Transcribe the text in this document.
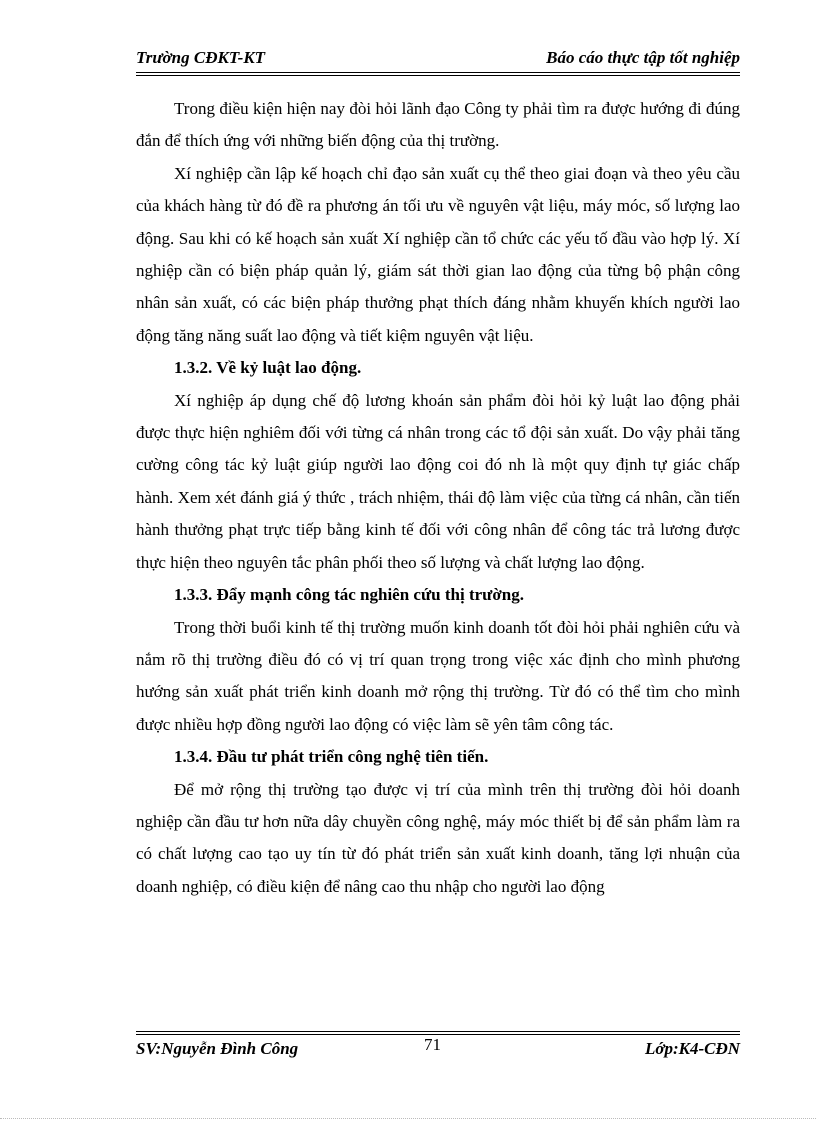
Trường CĐKT-KT	Báo cáo thực tập tốt nghiệp

Trong điều kiện hiện nay đòi hỏi lãnh đạo Công ty phải tìm ra được hướng đi đúng đắn để thích ứng với những biến động của thị trường.

Xí nghiệp cần lập kế hoạch chỉ đạo sản xuất cụ thể theo giai đoạn và theo yêu cầu của khách hàng từ đó đề ra phương án tối ưu về nguyên vật liệu, máy móc, số lượng lao động. Sau khi có kế hoạch sản xuất Xí nghiệp cần tổ chức các yếu tố đầu vào hợp lý. Xí nghiệp cần có biện pháp quản lý, giám sát thời gian lao động của từng bộ phận công nhân sản xuất, có các biện pháp thưởng phạt thích đáng nhằm khuyến khích người lao động tăng năng suất lao động và tiết kiệm nguyên vật liệu.

1.3.2. Về kỷ luật lao động.

Xí nghiệp áp dụng chế độ lương khoán sản phẩm đòi hỏi kỷ luật lao động phải được thực hiện nghiêm đối với từng cá nhân trong các tổ đội sản xuất. Do vậy phải tăng cường công tác kỷ luật giúp người lao động coi đó nh là một quy định tự giác chấp hành. Xem xét đánh giá ý thức , trách nhiệm, thái độ làm việc của từng cá nhân, cần tiến hành thưởng phạt trực tiếp bằng kinh tế đối với công nhân để công tác trả lương được thực hiện theo nguyên tắc phân phối theo số lượng và chất lượng lao động.

1.3.3. Đẩy mạnh công tác nghiên cứu thị trường.

Trong thời buổi kinh tế thị trường muốn kinh doanh tốt đòi hỏi phải nghiên cứu và nắm rõ thị trường điều đó có vị trí quan trọng trong việc xác định cho mình phương hướng sản xuất phát triển kinh doanh mở rộng thị trường. Từ đó có thể tìm cho mình được nhiều hợp đồng người lao động có việc làm sẽ yên tâm công tác.

1.3.4. Đầu tư phát triển công nghệ tiên tiến.

Để mở rộng thị trường tạo được vị trí của mình trên thị trường đòi hỏi doanh nghiệp cần đầu tư hơn nữa dây chuyền công nghệ, máy móc thiết bị để sản phẩm làm ra có chất lượng cao tạo uy tín từ đó phát triển sản xuất kinh doanh, tăng lợi nhuận của doanh nghiệp, có điều kiện để nâng cao thu nhập cho người lao động

SV:Nguyễn Đình Công	71	Lớp:K4-CĐN
